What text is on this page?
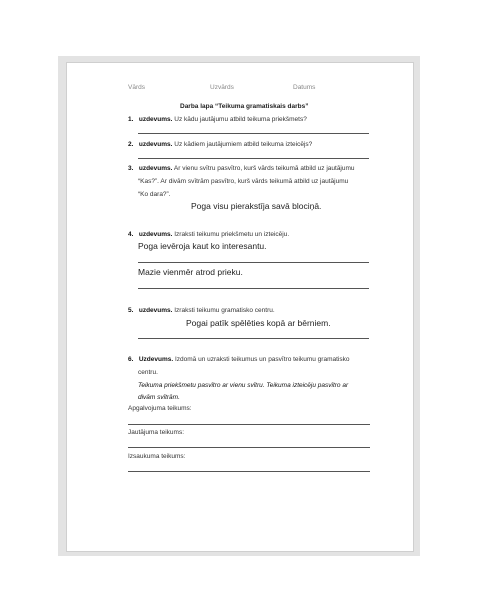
Vārds	Uzvārds	Datums
Darba lapa “Teikuma gramatiskais darbs”
1. uzdevums. Uz kādu jautājumu atbild teikuma priekšmets?
2. uzdevums. Uz kādiem jautājumiem atbild teikuma izteicējs?
3. uzdevums. Ar vienu svītru pasvītro, kurš vārds teikumā atbild uz jautājumu
“Kas?”. Ar divām svītrām pasvītro, kurš vārds teikumā atbild uz jautājumu
“Ko dara?”.
Poga visu pierakstīja savā blociņā.
4. uzdevums. Izraksti teikumu priekšmetu un izteicēju.
Poga ievēroja kaut ko interesantu.
Mazie vienmēr atrod prieku.
5. uzdevums. Izraksti teikumu gramatisko centru.
Pogai patīk spēlēties kopā ar bērniem.
6. Uzdevums. Izdomā un uzraksti teikumus un pasvītro teikumu gramatisko
centru.
Teikuma priekšmetu pasvītro ar vienu svītru. Teikuma izteicēju pasvītro ar
divām svītrām.
Apgalvojuma teikums:
Jautājuma teikums:
Izsaukuma teikums:
